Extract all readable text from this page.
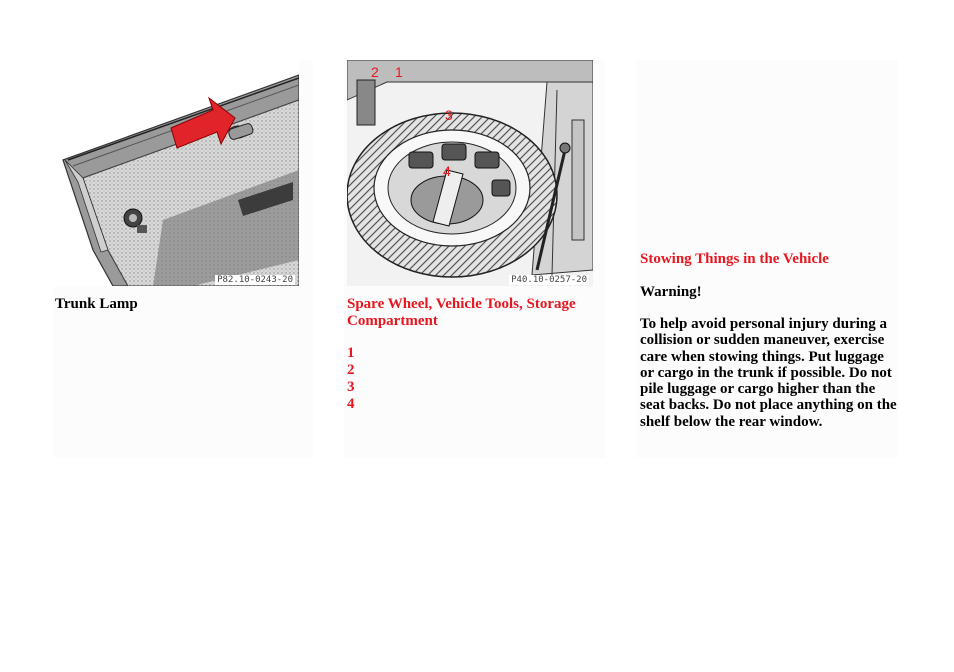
P82.10-0243-20
Trunk Lamp
2 1
3
4
P40.10-0257-20
Spare Wheel, Vehicle Tools, Storage Compartment
1
2
3
4
Stowing Things in the Vehicle
Warning!

To help avoid personal injury during a collision or sudden maneuver, exercise care when stowing things. Put luggage or cargo in the trunk if possible. Do not pile luggage or cargo higher than the seat backs. Do not place anything on the shelf below the rear window.
